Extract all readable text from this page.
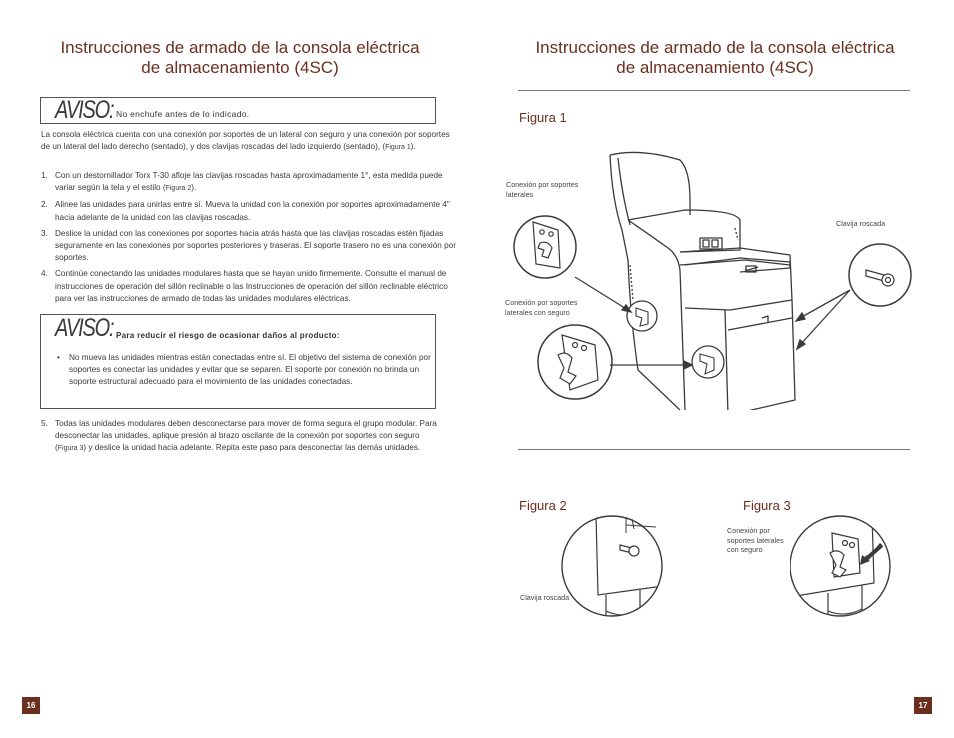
Instrucciones de armado de la consola eléctrica

de almacenamiento (4SC)

AVISO: No enchufe antes de lo indicado.
La consola eléctrica cuenta con una conexión por soportes de un lateral con seguro y una conexión por soportes de un lateral del lado derecho (sentado), y dos clavijas roscadas del lado izquierdo (sentado), (Figura 1).
1. Con un destornillador Torx T-30 afloje las clavijas roscadas hasta aproximadamente 1°, esta medida puede variar según la tela y el estilo (Figura 2).
2. Alinee las unidades para unirlas entre sí. Mueva la unidad con la conexión por soportes aproximadamente 4" hacia adelante de la unidad con las clavijas roscadas.
3. Deslice la unidad con las conexiones por soportes hacia atrás hasta que las clavijas roscadas estén fijadas seguramente en las conexiones por soportes posteriores y traseras. El soporte trasero no es una conexión por soportes.
4. Continúe conectando las unidades modulares hasta que se hayan unido firmemente. Consulte el manual de instrucciones de operación del sillón reclinable o las Instrucciones de operación del sillón reclinable eléctrico para ver las instrucciones de armado de todas las unidades modulares eléctricas.
AVISO: Para reducir el riesgo de ocasionar daños al producto:
• No mueva las unidades mientras están conectadas entre sí. El objetivo del sistema de conexión por soportes es conectar las unidades y evitar que se separen. El soporte por conexión no brinda un soporte estructural adecuado para el movimiento de las unidades conectadas.
5. Todas las unidades modulares deben desconectarse para mover de forma segura el grupo modular. Para desconectar las unidades, aplique presión al brazo oscilante de la conexión por soportes con seguro (Figura 3) y deslice la unidad hacia adelante. Repita este paso para desconectar las demás unidades.
16

Instrucciones de armado de la consola eléctrica

de almacenamiento (4SC)

Figura 1
Conexión por soportes laterales
Conexión por soportes laterales con seguro
Clavija roscada
Figura 2	Figura 3
Clavija roscada
Conexión por soportes laterales con seguro
17
